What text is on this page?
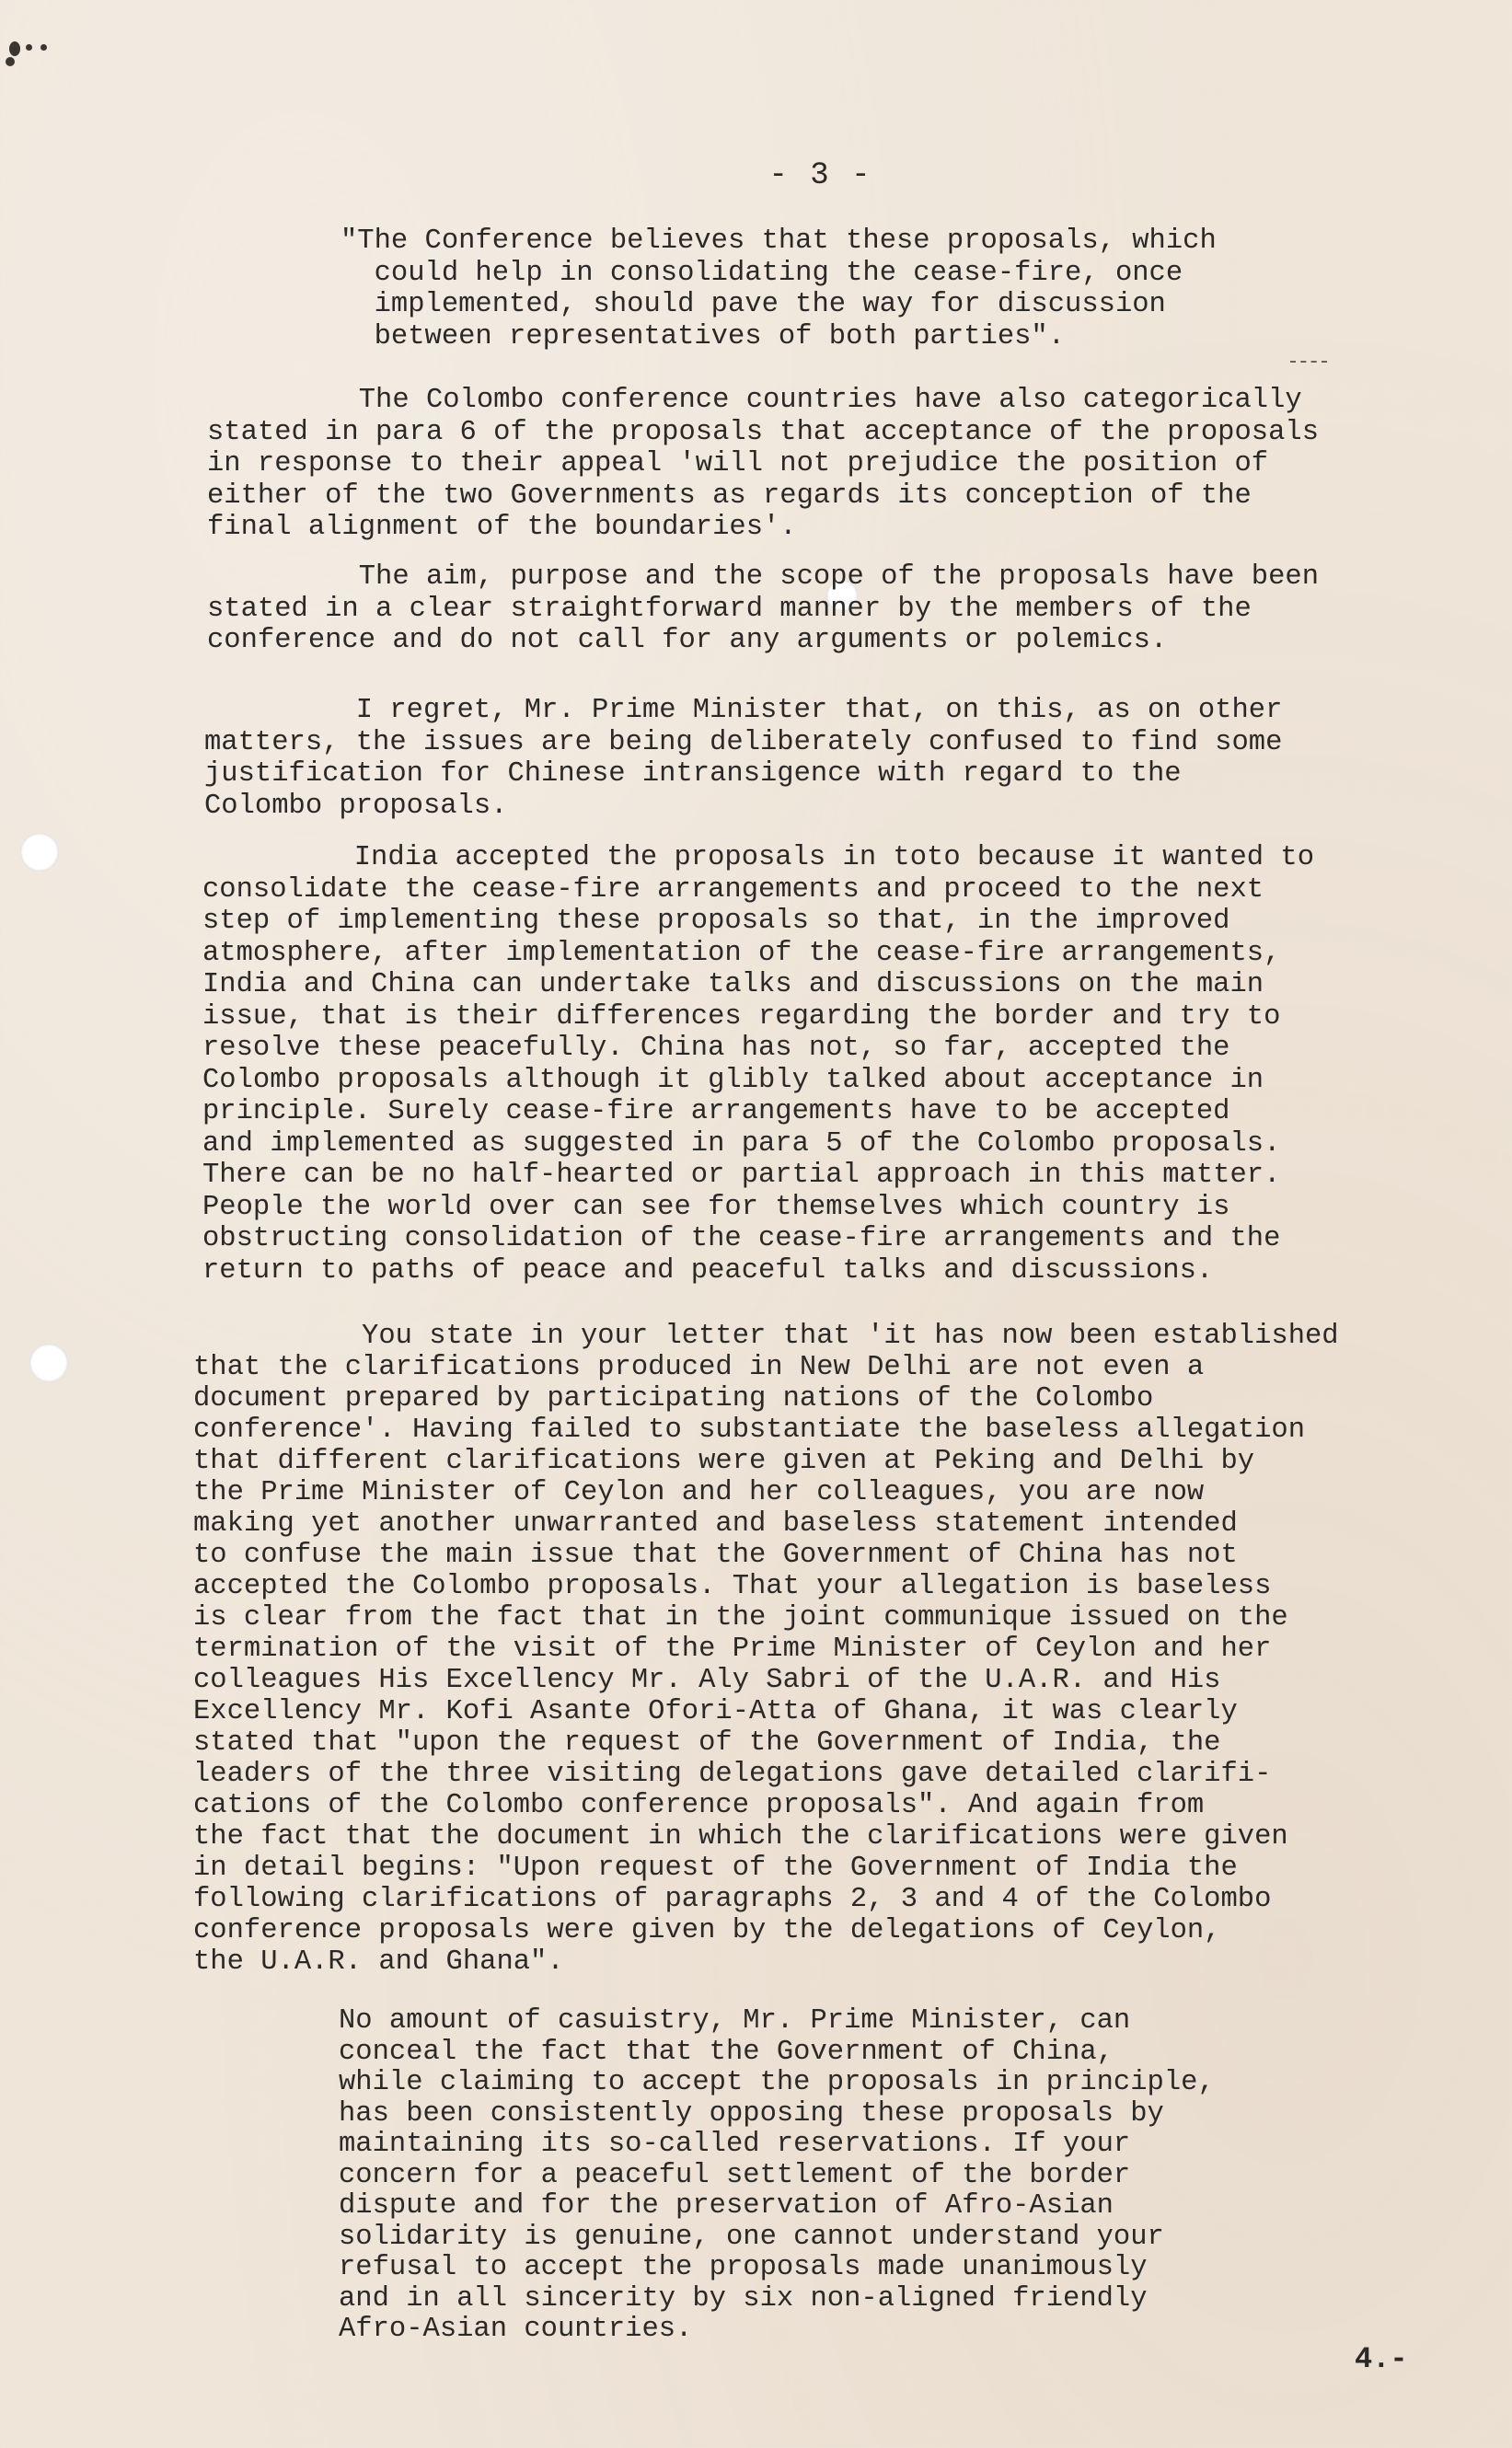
- 3 -

"The Conference believes that these proposals, which
could help in consolidating the cease-fire, once
implemented, should pave the way for discussion
between representatives of both parties".

The Colombo conference countries have also categorically
stated in para 6 of the proposals that acceptance of the proposals
in response to their appeal 'will not prejudice the position of
either of the two Governments as regards its conception of the
final alignment of the boundaries'.

The aim, purpose and the scope of the proposals have been
stated in a clear straightforward manner by the members of the
conference and do not call for any arguments or polemics.

I regret, Mr. Prime Minister that, on this, as on other
matters, the issues are being deliberately confused to find some
justification for Chinese intransigence with regard to the
Colombo proposals.

India accepted the proposals in toto because it wanted to
consolidate the cease-fire arrangements and proceed to the next
step of implementing these proposals so that, in the improved
atmosphere, after implementation of the cease-fire arrangements,
India and China can undertake talks and discussions on the main
issue, that is their differences regarding the border and try to
resolve these peacefully. China has not, so far, accepted the
Colombo proposals although it glibly talked about acceptance in
principle. Surely cease-fire arrangements have to be accepted
and implemented as suggested in para 5 of the Colombo proposals.
There can be no half-hearted or partial approach in this matter.
People the world over can see for themselves which country is
obstructing consolidation of the cease-fire arrangements and the
return to paths of peace and peaceful talks and discussions.

You state in your letter that 'it has now been established
that the clarifications produced in New Delhi are not even a
document prepared by participating nations of the Colombo
conference'. Having failed to substantiate the baseless allegation
that different clarifications were given at Peking and Delhi by
the Prime Minister of Ceylon and her colleagues, you are now
making yet another unwarranted and baseless statement intended
to confuse the main issue that the Government of China has not
accepted the Colombo proposals. That your allegation is baseless
is clear from the fact that in the joint communique issued on the
termination of the visit of the Prime Minister of Ceylon and her
colleagues His Excellency Mr. Aly Sabri of the U.A.R. and His
Excellency Mr. Kofi Asante Ofori-Atta of Ghana, it was clearly
stated that "upon the request of the Government of India, the
leaders of the three visiting delegations gave detailed clarifi-
cations of the Colombo conference proposals". And again from
the fact that the document in which the clarifications were given
in detail begins: "Upon request of the Government of India the
following clarifications of paragraphs 2, 3 and 4 of the Colombo
conference proposals were given by the delegations of Ceylon,
the U.A.R. and Ghana".

No amount of casuistry, Mr. Prime Minister, can
conceal the fact that the Government of China,
while claiming to accept the proposals in principle,
has been consistently opposing these proposals by
maintaining its so-called reservations. If your
concern for a peaceful settlement of the border
dispute and for the preservation of Afro-Asian
solidarity is genuine, one cannot understand your
refusal to accept the proposals made unanimously
and in all sincerity by six non-aligned friendly
Afro-Asian countries.

4.-
